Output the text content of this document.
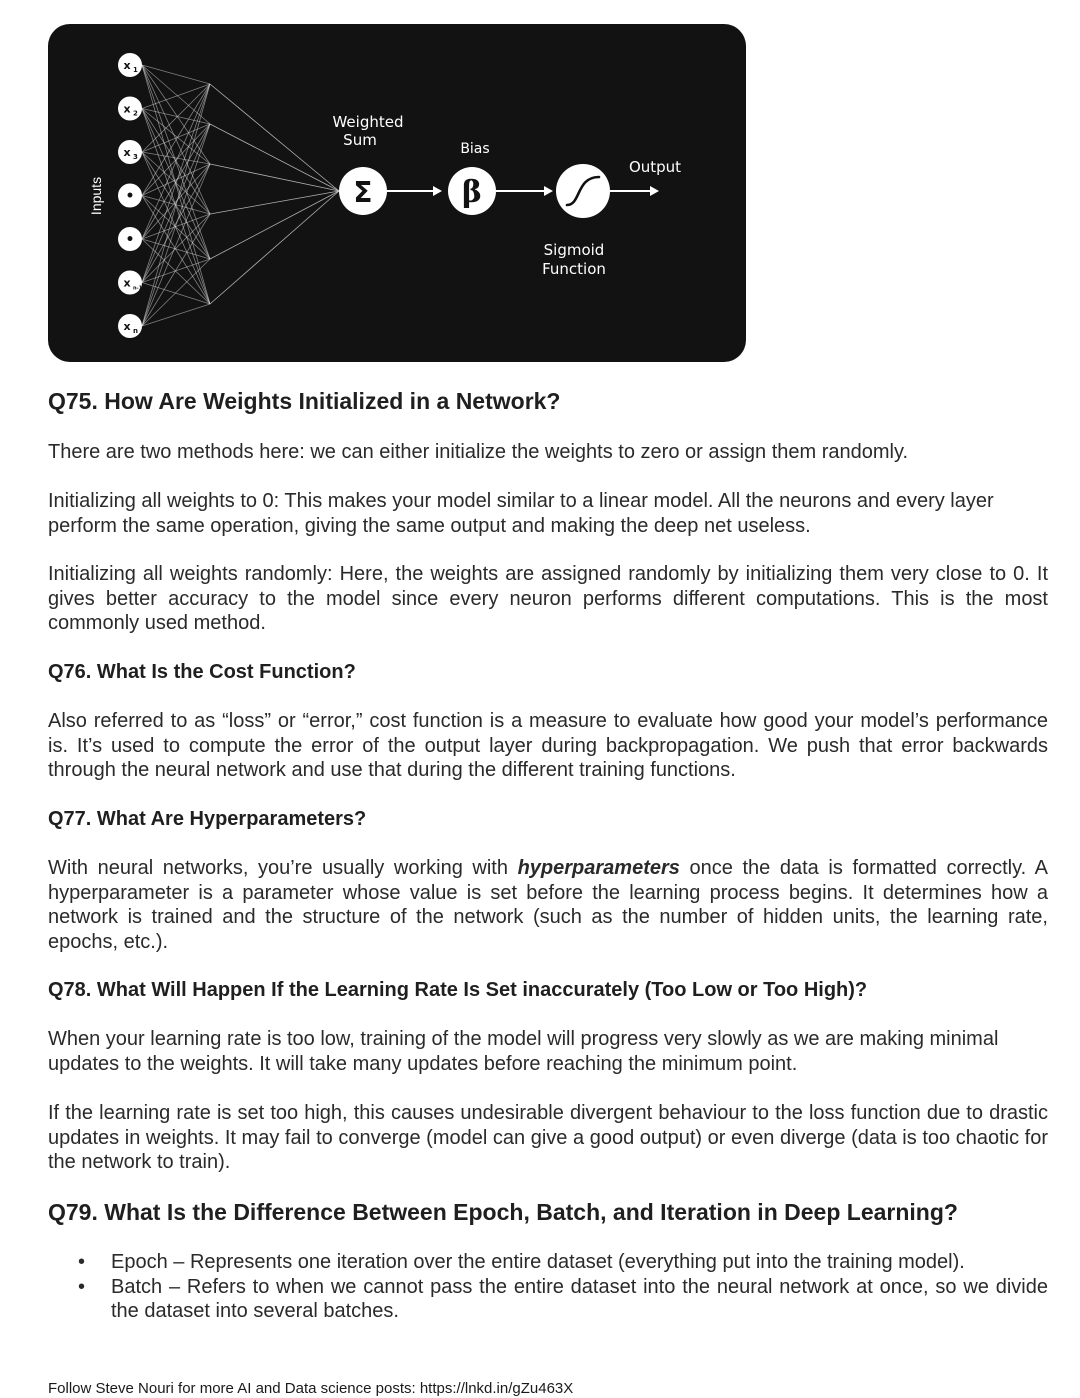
x 1
x 2
x 3
•
•
x n-1
x n
Inputs
Weighted
Sum	Bias
Output
Sigmoid
Function
Σ	β
Q75. How Are Weights Initialized in a Network?

There are two methods here: we can either initialize the weights to zero or assign them randomly.

Initializing all weights to 0: This makes your model similar to a linear model. All the neurons and every layer perform the same operation, giving the same output and making the deep net useless.

Initializing all weights randomly: Here, the weights are assigned randomly by initializing them very close to 0. It gives better accuracy to the model since every neuron performs different computations. This is the most commonly used method.

Q76. What Is the Cost Function?

Also referred to as “loss” or “error,” cost function is a measure to evaluate how good your model’s performance is. It’s used to compute the error of the output layer during backpropagation. We push that error backwards through the neural network and use that during the different training functions.

Q77. What Are Hyperparameters?

With neural networks, you’re usually working with hyperparameters once the data is formatted correctly. A hyperparameter is a parameter whose value is set before the learning process begins. It determines how a network is trained and the structure of the network (such as the number of hidden units, the learning rate, epochs, etc.).

Q78. What Will Happen If the Learning Rate Is Set inaccurately (Too Low or Too High)?

When your learning rate is too low, training of the model will progress very slowly as we are making minimal updates to the weights. It will take many updates before reaching the minimum point.

If the learning rate is set too high, this causes undesirable divergent behaviour to the loss function due to drastic updates in weights. It may fail to converge (model can give a good output) or even diverge (data is too chaotic for the network to train).

Q79. What Is the Difference Between Epoch, Batch, and Iteration in Deep Learning?
• Epoch – Represents one iteration over the entire dataset (everything put into the training model).
• Batch – Refers to when we cannot pass the entire dataset into the neural network at once, so we divide the dataset into several batches.
Follow Steve Nouri for more AI and Data science posts: https://lnkd.in/gZu463X
